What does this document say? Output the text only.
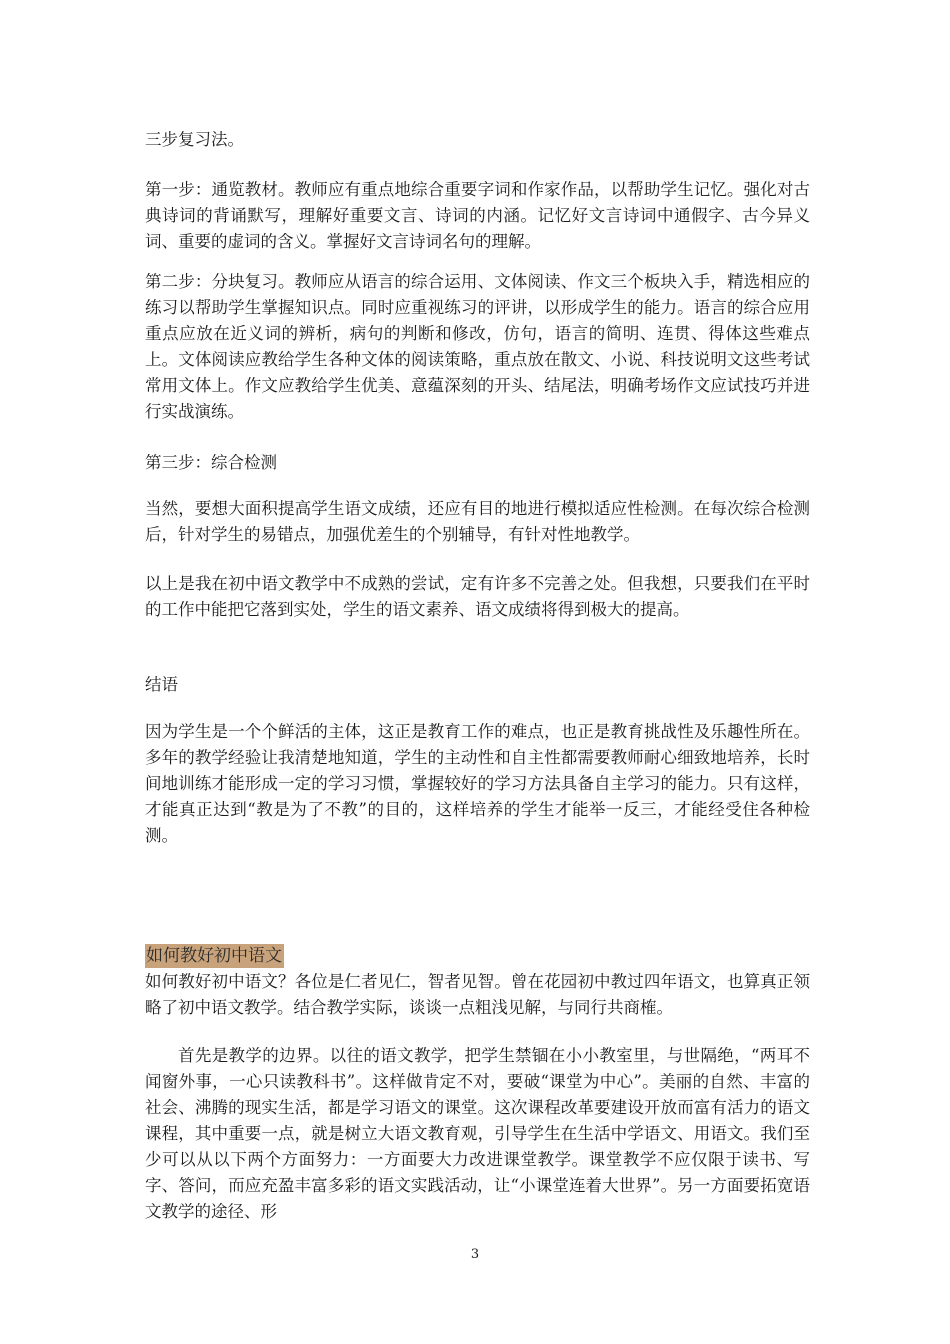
三步复习法。

第一步：通览教材。教师应有重点地综合重要字词和作家作品，以帮助学生记忆。强化对古典诗词的背诵默写，理解好重要文言、诗词的内涵。记忆好文言诗词中通假字、古今异义词、重要的虚词的含义。掌握好文言诗词名句的理解。

第二步：分块复习。教师应从语言的综合运用、文体阅读、作文三个板块入手，精选相应的练习以帮助学生掌握知识点。同时应重视练习的评讲，以形成学生的能力。语言的综合应用重点应放在近义词的辨析，病句的判断和修改，仿句，语言的简明、连贯、得体这些难点上。文体阅读应教给学生各种文体的阅读策略，重点放在散文、小说、科技说明文这些考试常用文体上。作文应教给学生优美、意蕴深刻的开头、结尾法，明确考场作文应试技巧并进行实战演练。

第三步：综合检测

当然，要想大面积提高学生语文成绩，还应有目的地进行模拟适应性检测。在每次综合检测后，针对学生的易错点，加强优差生的个别辅导，有针对性地教学。

以上是我在初中语文教学中不成熟的尝试，定有许多不完善之处。但我想，只要我们在平时的工作中能把它落到实处，学生的语文素养、语文成绩将得到极大的提高。

结语

因为学生是一个个鲜活的主体，这正是教育工作的难点，也正是教育挑战性及乐趣性所在。多年的教学经验让我清楚地知道，学生的主动性和自主性都需要教师耐心细致地培养，长时间地训练才能形成一定的学习习惯，掌握较好的学习方法具备自主学习的能力。只有这样，才能真正达到“教是为了不教”的目的，这样培养的学生才能举一反三，才能经受住各种检测。

如何教好初中语文

如何教好初中语文？各位是仁者见仁，智者见智。曾在花园初中教过四年语文，也算真正领略了初中语文教学。结合教学实际，谈谈一点粗浅见解，与同行共商榷。

首先是教学的边界。以往的语文教学，把学生禁锢在小小教室里，与世隔绝，“两耳不闻窗外事，一心只读教科书”。这样做肯定不对，要破“课堂为中心”。美丽的自然、丰富的社会、沸腾的现实生活，都是学习语文的课堂。这次课程改革要建设开放而富有活力的语文课程，其中重要一点，就是树立大语文教育观，引导学生在生活中学语文、用语文。我们至少可以从以下两个方面努力：一方面要大力改进课堂教学。课堂教学不应仅限于读书、写字、答问，而应充盈丰富多彩的语文实践活动，让“小课堂连着大世界”。另一方面要拓宽语文教学的途径、形

3
